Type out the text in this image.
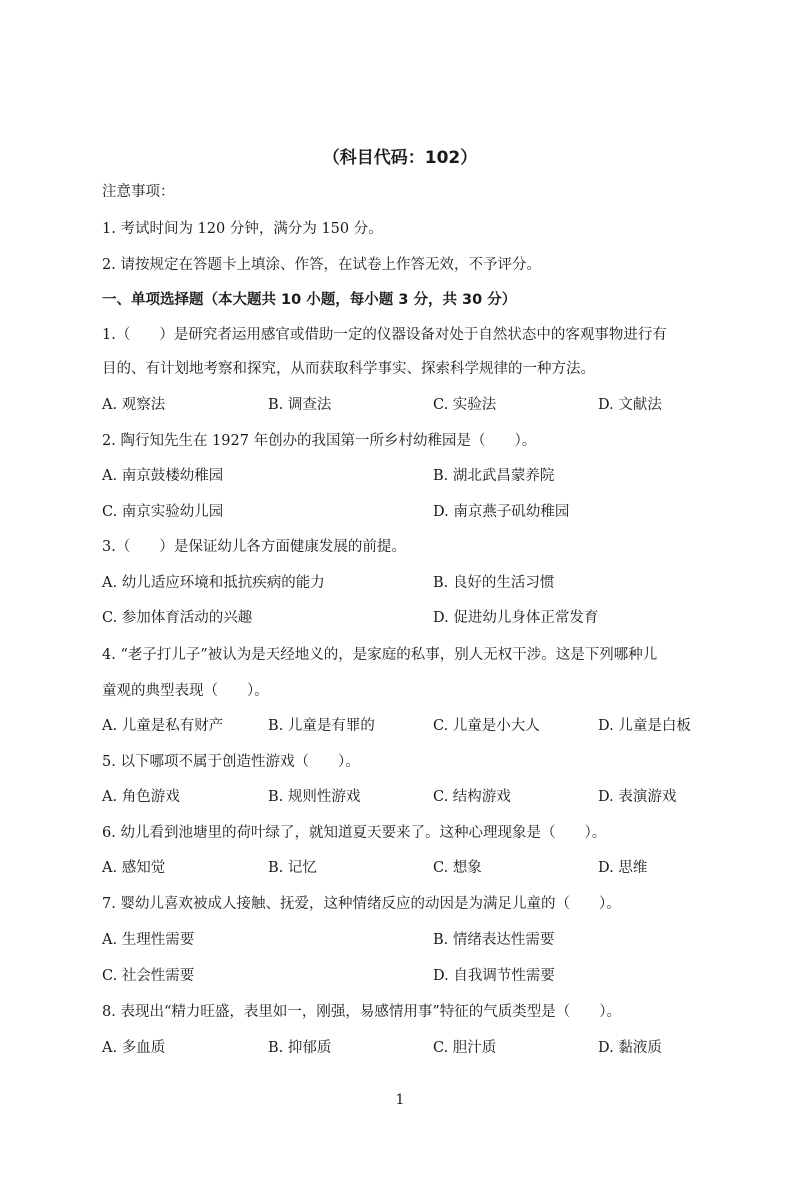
（科目代码：102）
注意事项：
1. 考试时间为 120 分钟，满分为 150 分。
2. 请按规定在答题卡上填涂、作答，在试卷上作答无效，不予评分。
一、单项选择题（本大题共 10 小题，每小题 3 分，共 30 分）
1.（　　）是研究者运用感官或借助一定的仪器设备对处于自然状态中的客观事物进行有
目的、有计划地考察和探究，从而获取科学事实、探索科学规律的一种方法。
A. 观察法	B. 调查法	C. 实验法	D. 文献法
2. 陶行知先生在 1927 年创办的我国第一所乡村幼稚园是（　　）。
A. 南京鼓楼幼稚园	B. 湖北武昌蒙养院
C. 南京实验幼儿园	D. 南京燕子矶幼稚园
3.（　　）是保证幼儿各方面健康发展的前提。
A. 幼儿适应环境和抵抗疾病的能力	B. 良好的生活习惯
C. 参加体育活动的兴趣	D. 促进幼儿身体正常发育
4. “老子打儿子”被认为是天经地义的，是家庭的私事，别人无权干涉。这是下列哪种儿
童观的典型表现（　　）。
A. 儿童是私有财产	B. 儿童是有罪的	C. 儿童是小大人	D. 儿童是白板
5. 以下哪项不属于创造性游戏（　　）。
A. 角色游戏	B. 规则性游戏	C. 结构游戏	D. 表演游戏
6. 幼儿看到池塘里的荷叶绿了，就知道夏天要来了。这种心理现象是（　　）。
A. 感知觉	B. 记忆	C. 想象	D. 思维
7. 婴幼儿喜欢被成人接触、抚爱，这种情绪反应的动因是为满足儿童的（　　）。
A. 生理性需要	B. 情绪表达性需要
C. 社会性需要	D. 自我调节性需要
8. 表现出“精力旺盛，表里如一，刚强，易感情用事”特征的气质类型是（　　）。
A. 多血质	B. 抑郁质	C. 胆汁质	D. 黏液质
1
